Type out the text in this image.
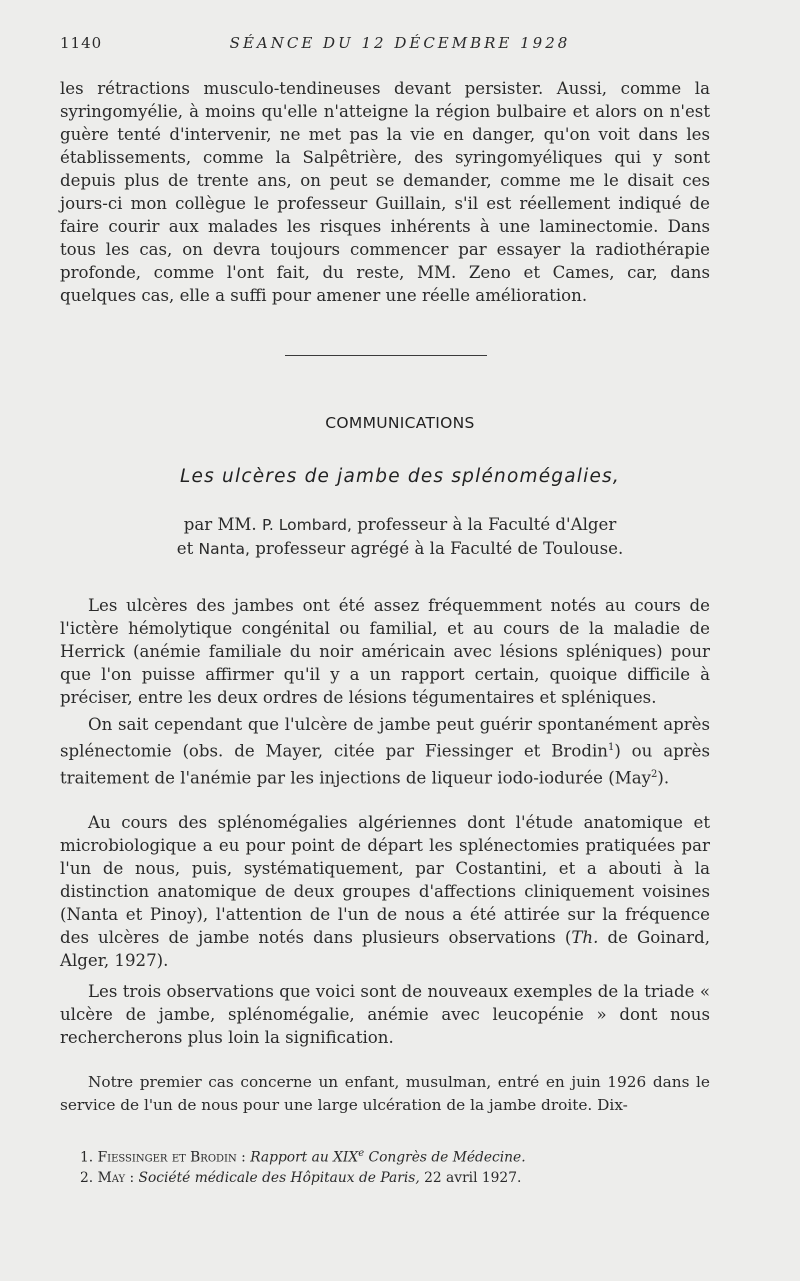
1140	SÉANCE DU 12 DÉCEMBRE 1928

les rétractions musculo-tendineuses devant persister. Aussi, comme la syringomyélie, à moins qu'elle n'atteigne la région bulbaire et alors on n'est guère tenté d'intervenir, ne met pas la vie en danger, qu'on voit dans les établissements, comme la Salpêtrière, des syringomyéliques qui y sont depuis plus de trente ans, on peut se demander, comme me le disait ces jours-ci mon collègue le professeur Guillain, s'il est réellement indiqué de faire courir aux malades les risques inhérents à une laminectomie. Dans tous les cas, on devra toujours commencer par essayer la radiothérapie profonde, comme l'ont fait, du reste, MM. Zeno et Cames, car, dans quelques cas, elle a suffi pour amener une réelle amélioration.

COMMUNICATIONS
Les ulcères de jambe des splénomégalies,
par MM. P. Lombard, professeur à la Faculté d'Alger
et Nanta, professeur agrégé à la Faculté de Toulouse.

Les ulcères des jambes ont été assez fréquemment notés au cours de l'ictère hémolytique congénital ou familial, et au cours de la maladie de Herrick (anémie familiale du noir américain avec lésions spléniques) pour que l'on puisse affirmer qu'il y a un rapport certain, quoique difficile à préciser, entre les deux ordres de lésions tégumentaires et spléniques.

On sait cependant que l'ulcère de jambe peut guérir spontanément après splénectomie (obs. de Mayer, citée par Fiessinger et Brodin$^1$) ou après traitement de l'anémie par les injections de liqueur iodo-iodurée (May$^2$).

Au cours des splénomégalies algériennes dont l'étude anatomique et microbiologique a eu pour point de départ les splénectomies pratiquées par l'un de nous, puis, systématiquement, par Costantini, et a abouti à la distinction anatomique de deux groupes d'affections cliniquement voisines (Nanta et Pinoy), l'attention de l'un de nous a été attirée sur la fréquence des ulcères de jambe notés dans plusieurs observations (Th. de Goinard, Alger, 1927).

Les trois observations que voici sont de nouveaux exemples de la triade « ulcère de jambe, splénomégalie, anémie avec leucopénie » dont nous rechercherons plus loin la signification.

Notre premier cas concerne un enfant, musulman, entré en juin 1926 dans le service de l'un de nous pour une large ulcération de la jambe droite. Dix-

1. Fiessinger et Brodin : Rapport au XIXe Congrès de Médecine.

2. May : Société médicale des Hôpitaux de Paris, 22 avril 1927.
